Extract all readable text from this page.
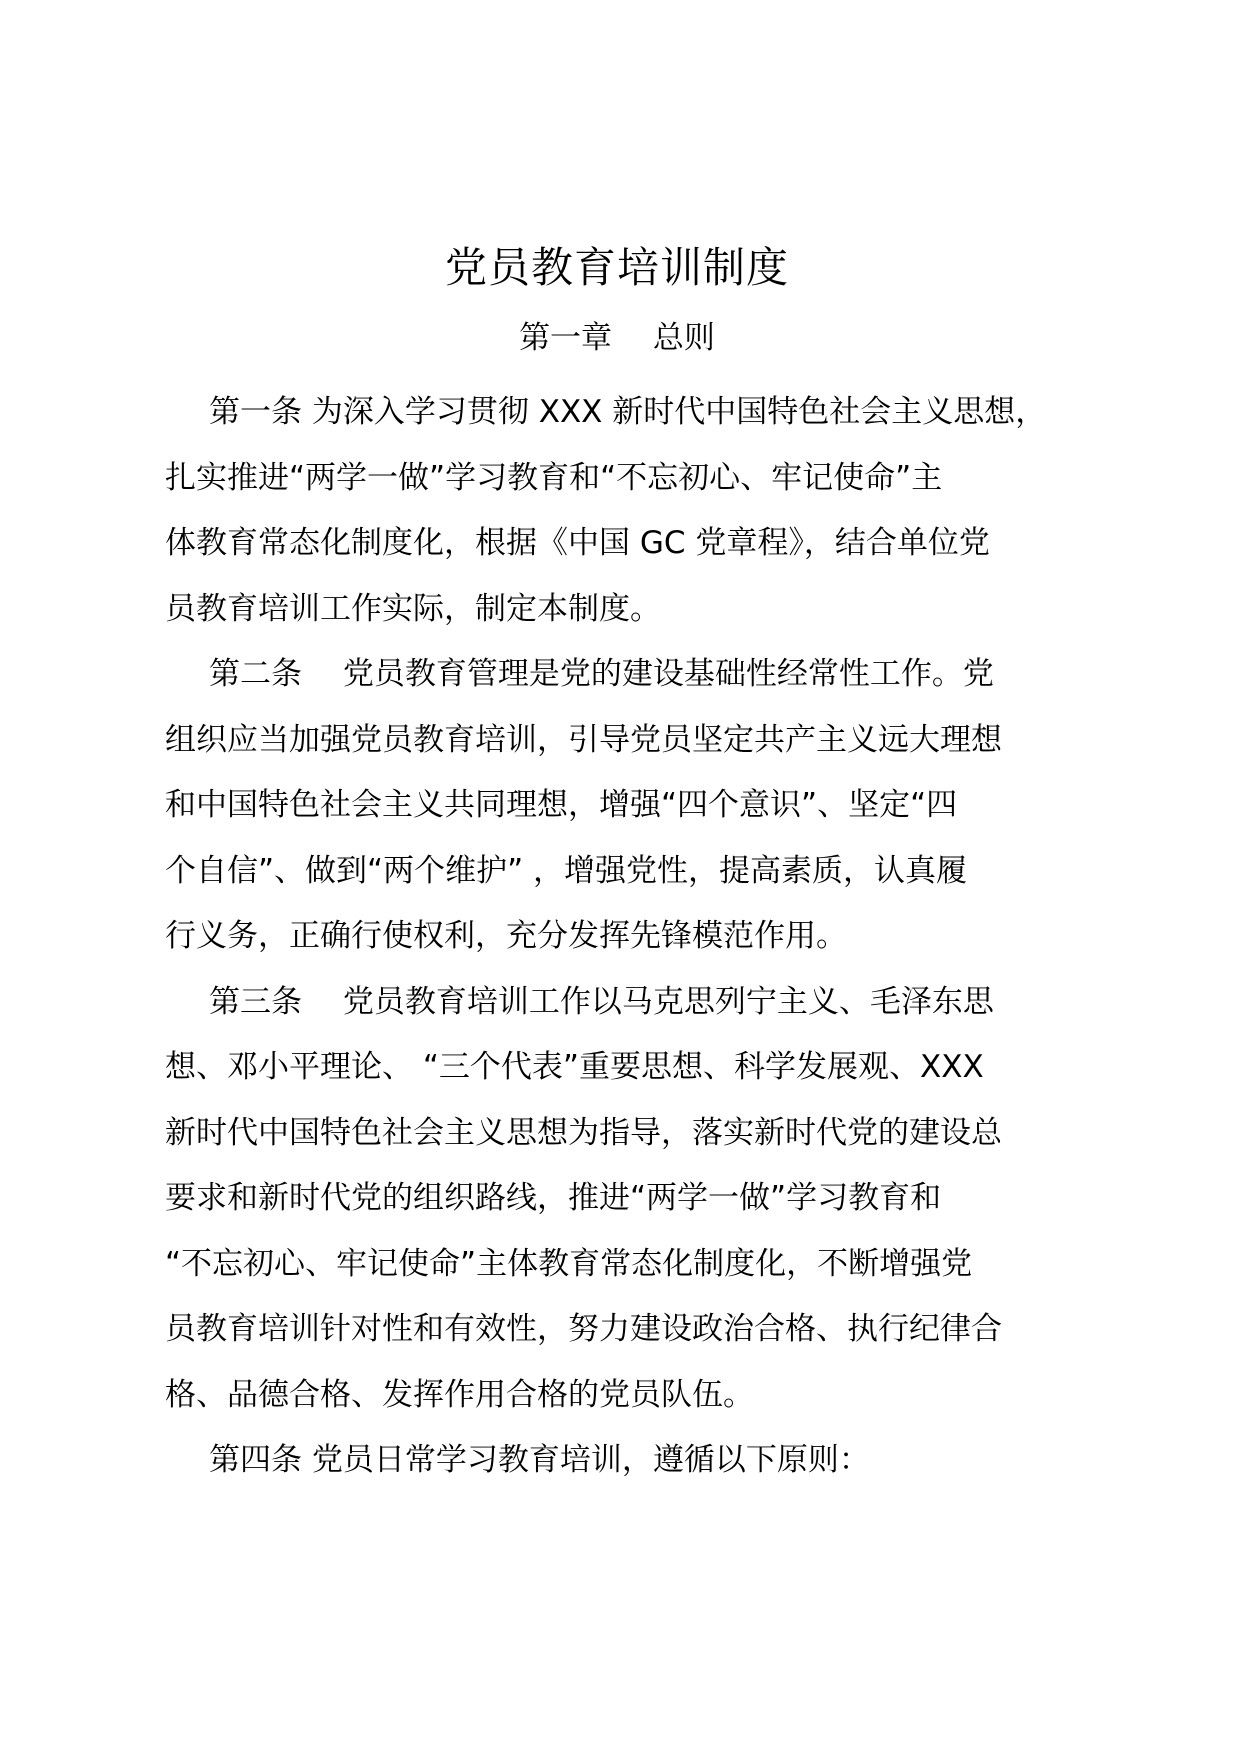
党员教育培训制度
第一章　 总则

第一条 为深入学习贯彻 XXX 新时代中国特色社会主义思想，
扎实推进“两学一做”学习教育和“不忘初心、牢记使命”主
体教育常态化制度化，根据《中国 GC 党章程》，结合单位党
员教育培训工作实际，制定本制度。

第二条　 党员教育管理是党的建设基础性经常性工作。党
组织应当加强党员教育培训，引导党员坚定共产主义远大理想
和中国特色社会主义共同理想，增强“四个意识”、坚定“四
个自信”、做到“两个维护” ，增强党性，提高素质，认真履
行义务，正确行使权利，充分发挥先锋模范作用。

第三条　 党员教育培训工作以马克思列宁主义、毛泽东思
想、邓小平理论、 “三个代表”重要思想、科学发展观、XXX
新时代中国特色社会主义思想为指导，落实新时代党的建设总
要求和新时代党的组织路线，推进“两学一做”学习教育和
“不忘初心、牢记使命”主体教育常态化制度化，不断增强党
员教育培训针对性和有效性，努力建设政治合格、执行纪律合
格、品德合格、发挥作用合格的党员队伍。

第四条 党员日常学习教育培训，遵循以下原则：
